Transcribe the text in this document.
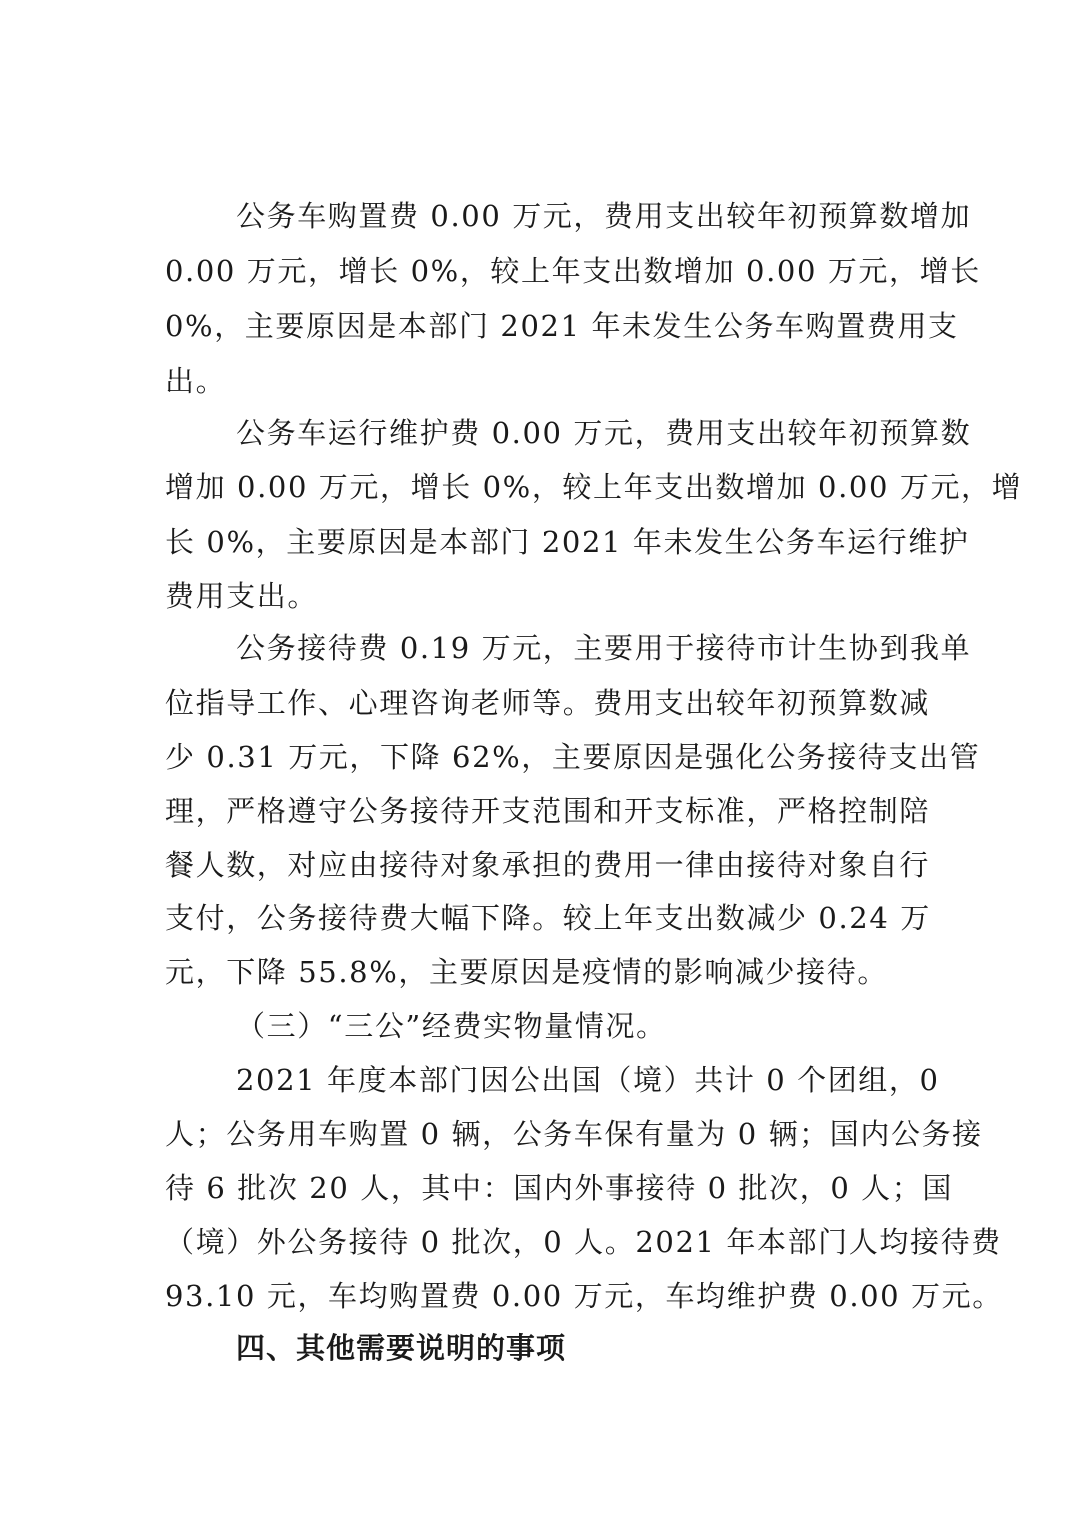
公务车购置费 0.00 万元，费用支出较年初预算数增加
0.00 万元，增长 0%，较上年支出数增加 0.00 万元，增长
0%，主要原因是本部门 2021 年未发生公务车购置费用支
出。
公务车运行维护费 0.00 万元，费用支出较年初预算数
增加 0.00 万元，增长 0%，较上年支出数增加 0.00 万元，增
长 0%，主要原因是本部门 2021 年未发生公务车运行维护
费用支出。
公务接待费 0.19 万元，主要用于接待市计生协到我单
位指导工作、心理咨询老师等。费用支出较年初预算数减
少 0.31 万元，下降 62%，主要原因是强化公务接待支出管
理，严格遵守公务接待开支范围和开支标准，严格控制陪
餐人数，对应由接待对象承担的费用一律由接待对象自行
支付，公务接待费大幅下降。较上年支出数减少 0.24 万
元，下降 55.8%，主要原因是疫情的影响减少接待。
（三）“三公”经费实物量情况。
2021 年度本部门因公出国（境）共计 0 个团组，0
人；公务用车购置 0 辆，公务车保有量为 0 辆；国内公务接
待 6 批次 20 人，其中：国内外事接待 0 批次，0 人；国
（境）外公务接待 0 批次，0 人。2021 年本部门人均接待费
93.10 元，车均购置费 0.00 万元，车均维护费 0.00 万元。
四、其他需要说明的事项
